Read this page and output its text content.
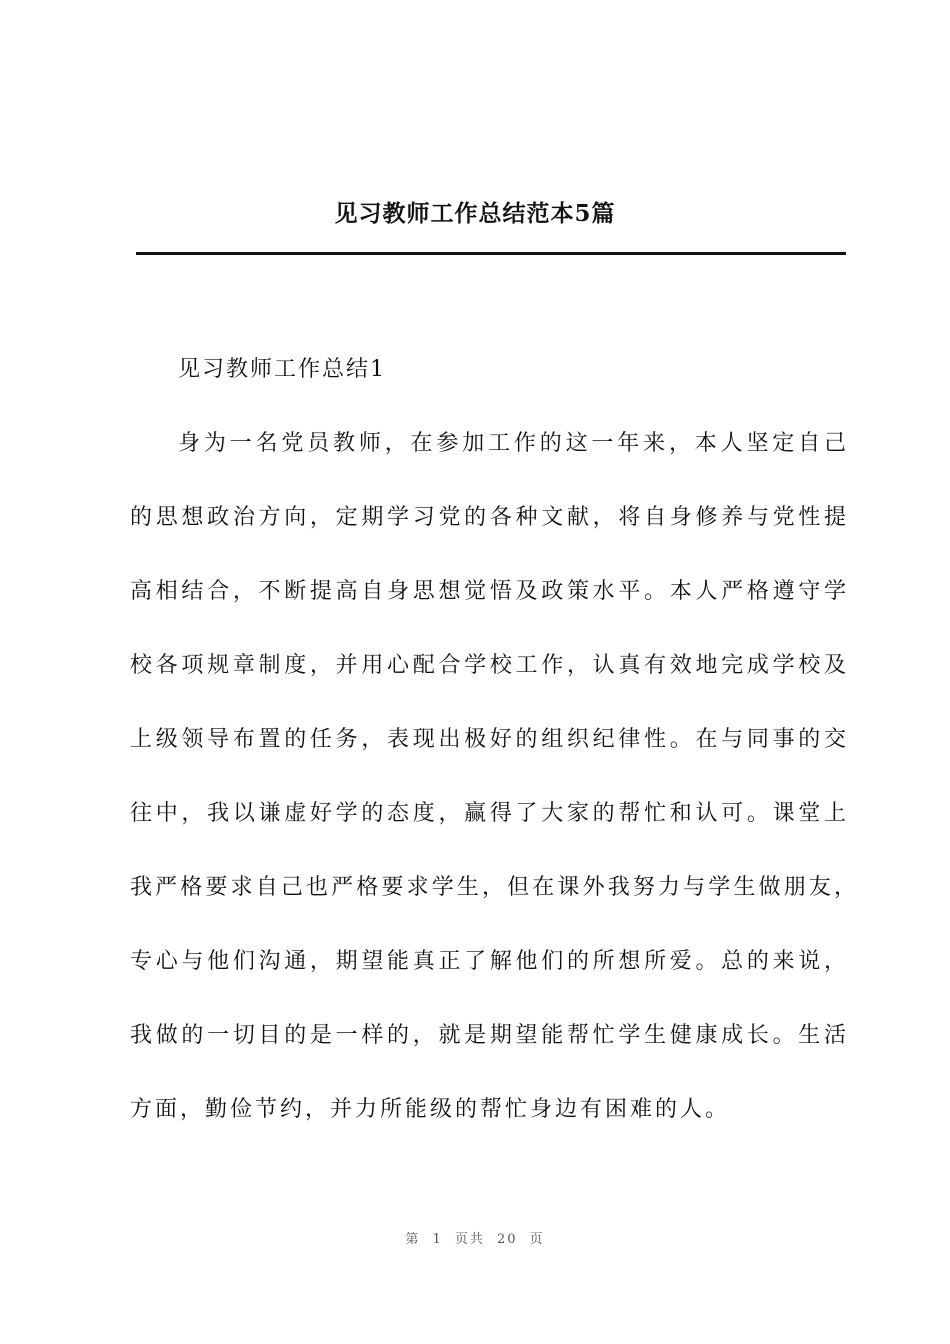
见习教师工作总结范本5篇
见习教师工作总结1
身为一名党员教师，在参加工作的这一年来，本人坚定自己
的思想政治方向，定期学习党的各种文献，将自身修养与党性提
高相结合，不断提高自身思想觉悟及政策水平。本人严格遵守学
校各项规章制度，并用心配合学校工作，认真有效地完成学校及
上级领导布置的任务，表现出极好的组织纪律性。在与同事的交
往中，我以谦虚好学的态度，赢得了大家的帮忙和认可。课堂上
我严格要求自己也严格要求学生，但在课外我努力与学生做朋友，
专心与他们沟通，期望能真正了解他们的所想所爱。总的来说，
我做的一切目的是一样的，就是期望能帮忙学生健康成长。生活
方面，勤俭节约，并力所能级的帮忙身边有困难的人。
第 1 页共 20 页
